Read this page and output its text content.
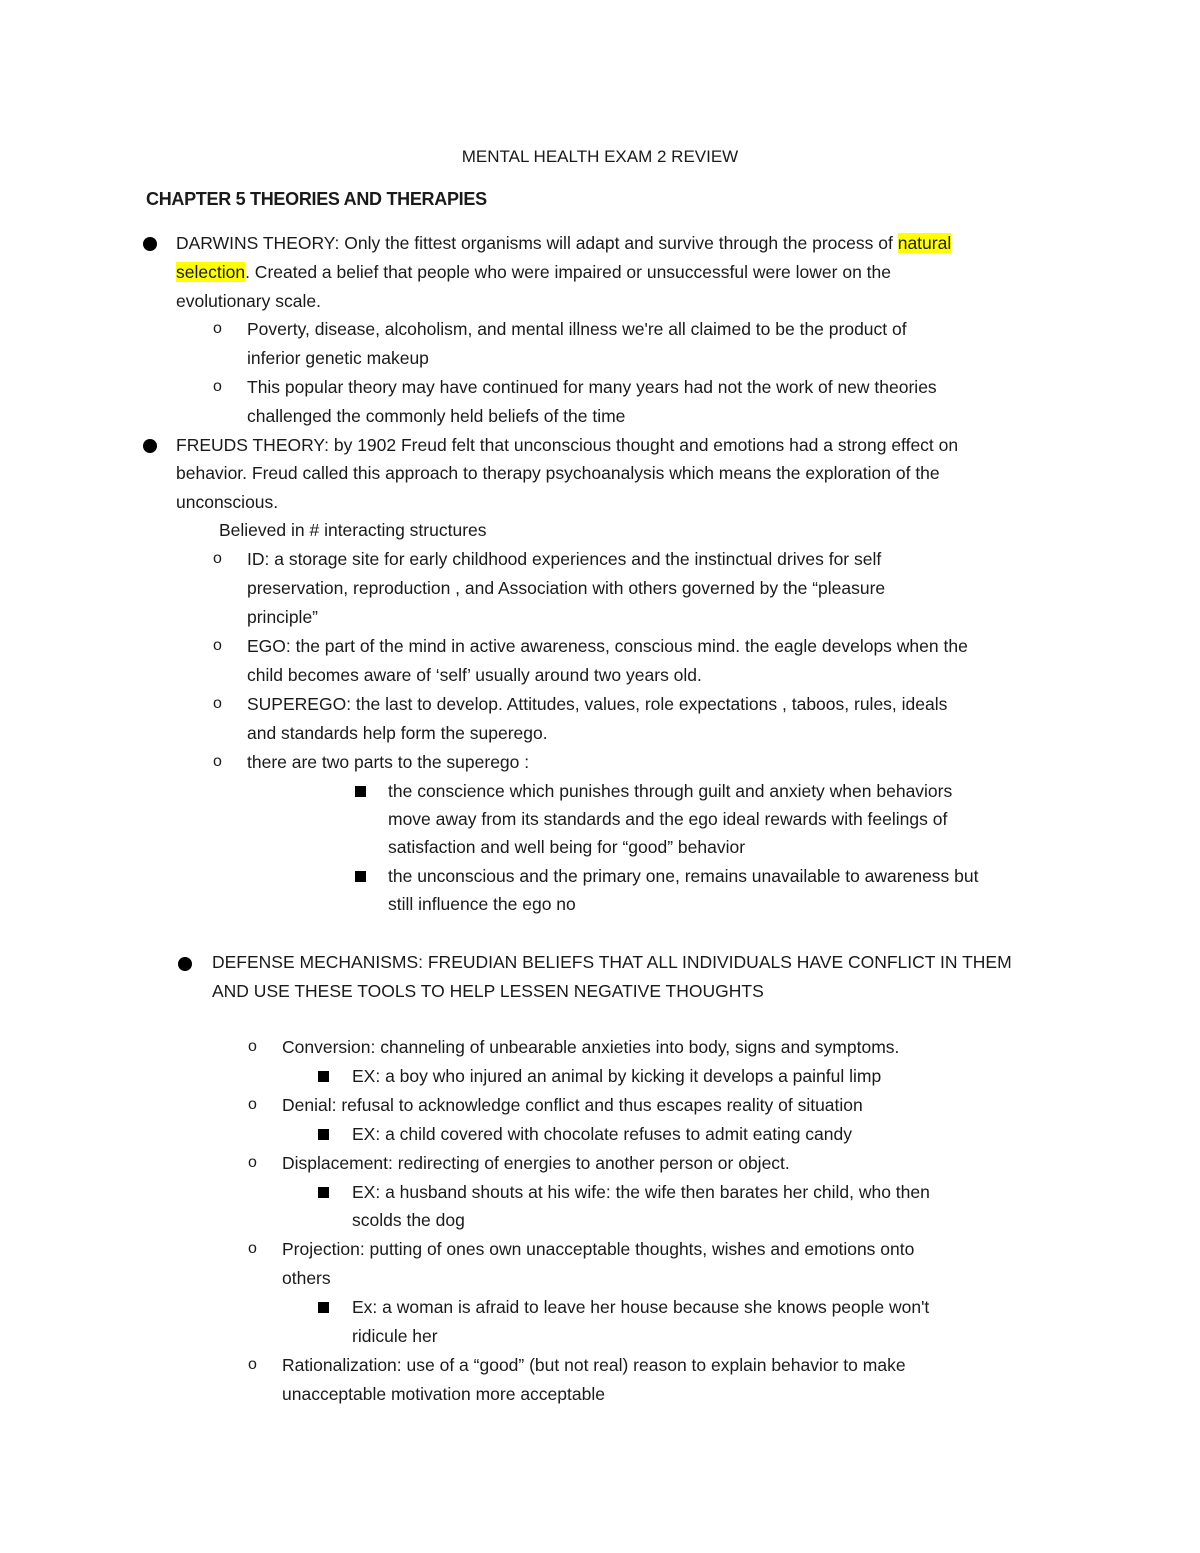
MENTAL HEALTH EXAM 2 REVIEW
CHAPTER 5 THEORIES AND THERAPIES
DARWINS THEORY: Only the fittest organisms will adapt and survive through the process of natural
selection. Created a belief that people who were impaired or unsuccessful were lower on the
evolutionary scale.
o Poverty, disease, alcoholism, and mental illness we're all claimed to be the product of
inferior genetic makeup
o This popular theory may have continued for many years had not the work of new theories
challenged the commonly held beliefs of the time
FREUDS THEORY: by 1902 Freud felt that unconscious thought and emotions had a strong effect on
behavior. Freud called this approach to therapy psychoanalysis which means the exploration of the
unconscious.
Believed in # interacting structures
o ID: a storage site for early childhood experiences and the instinctual drives for self
preservation, reproduction , and Association with others governed by the “pleasure
principle”
o EGO: the part of the mind in active awareness, conscious mind. the eagle develops when the
child becomes aware of ‘self’ usually around two years old.
o SUPEREGO: the last to develop. Attitudes, values, role expectations , taboos, rules, ideals
and standards help form the superego.
o there are two parts to the superego :
the conscience which punishes through guilt and anxiety when behaviors
move away from its standards and the ego ideal rewards with feelings of
satisfaction and well being for “good” behavior
the unconscious and the primary one, remains unavailable to awareness but
still influence the ego no
DEFENSE MECHANISMS: FREUDIAN BELIEFS THAT ALL INDIVIDUALS HAVE CONFLICT IN THEM
AND USE THESE TOOLS TO HELP LESSEN NEGATIVE THOUGHTS
o Conversion: channeling of unbearable anxieties into body, signs and symptoms.
EX: a boy who injured an animal by kicking it develops a painful limp
o Denial: refusal to acknowledge conflict and thus escapes reality of situation
EX: a child covered with chocolate refuses to admit eating candy
o Displacement: redirecting of energies to another person or object.
EX: a husband shouts at his wife: the wife then barates her child, who then
scolds the dog
o Projection: putting of ones own unacceptable thoughts, wishes and emotions onto
others
Ex: a woman is afraid to leave her house because she knows people won't
ridicule her
o Rationalization: use of a “good” (but not real) reason to explain behavior to make
unacceptable motivation more acceptable
